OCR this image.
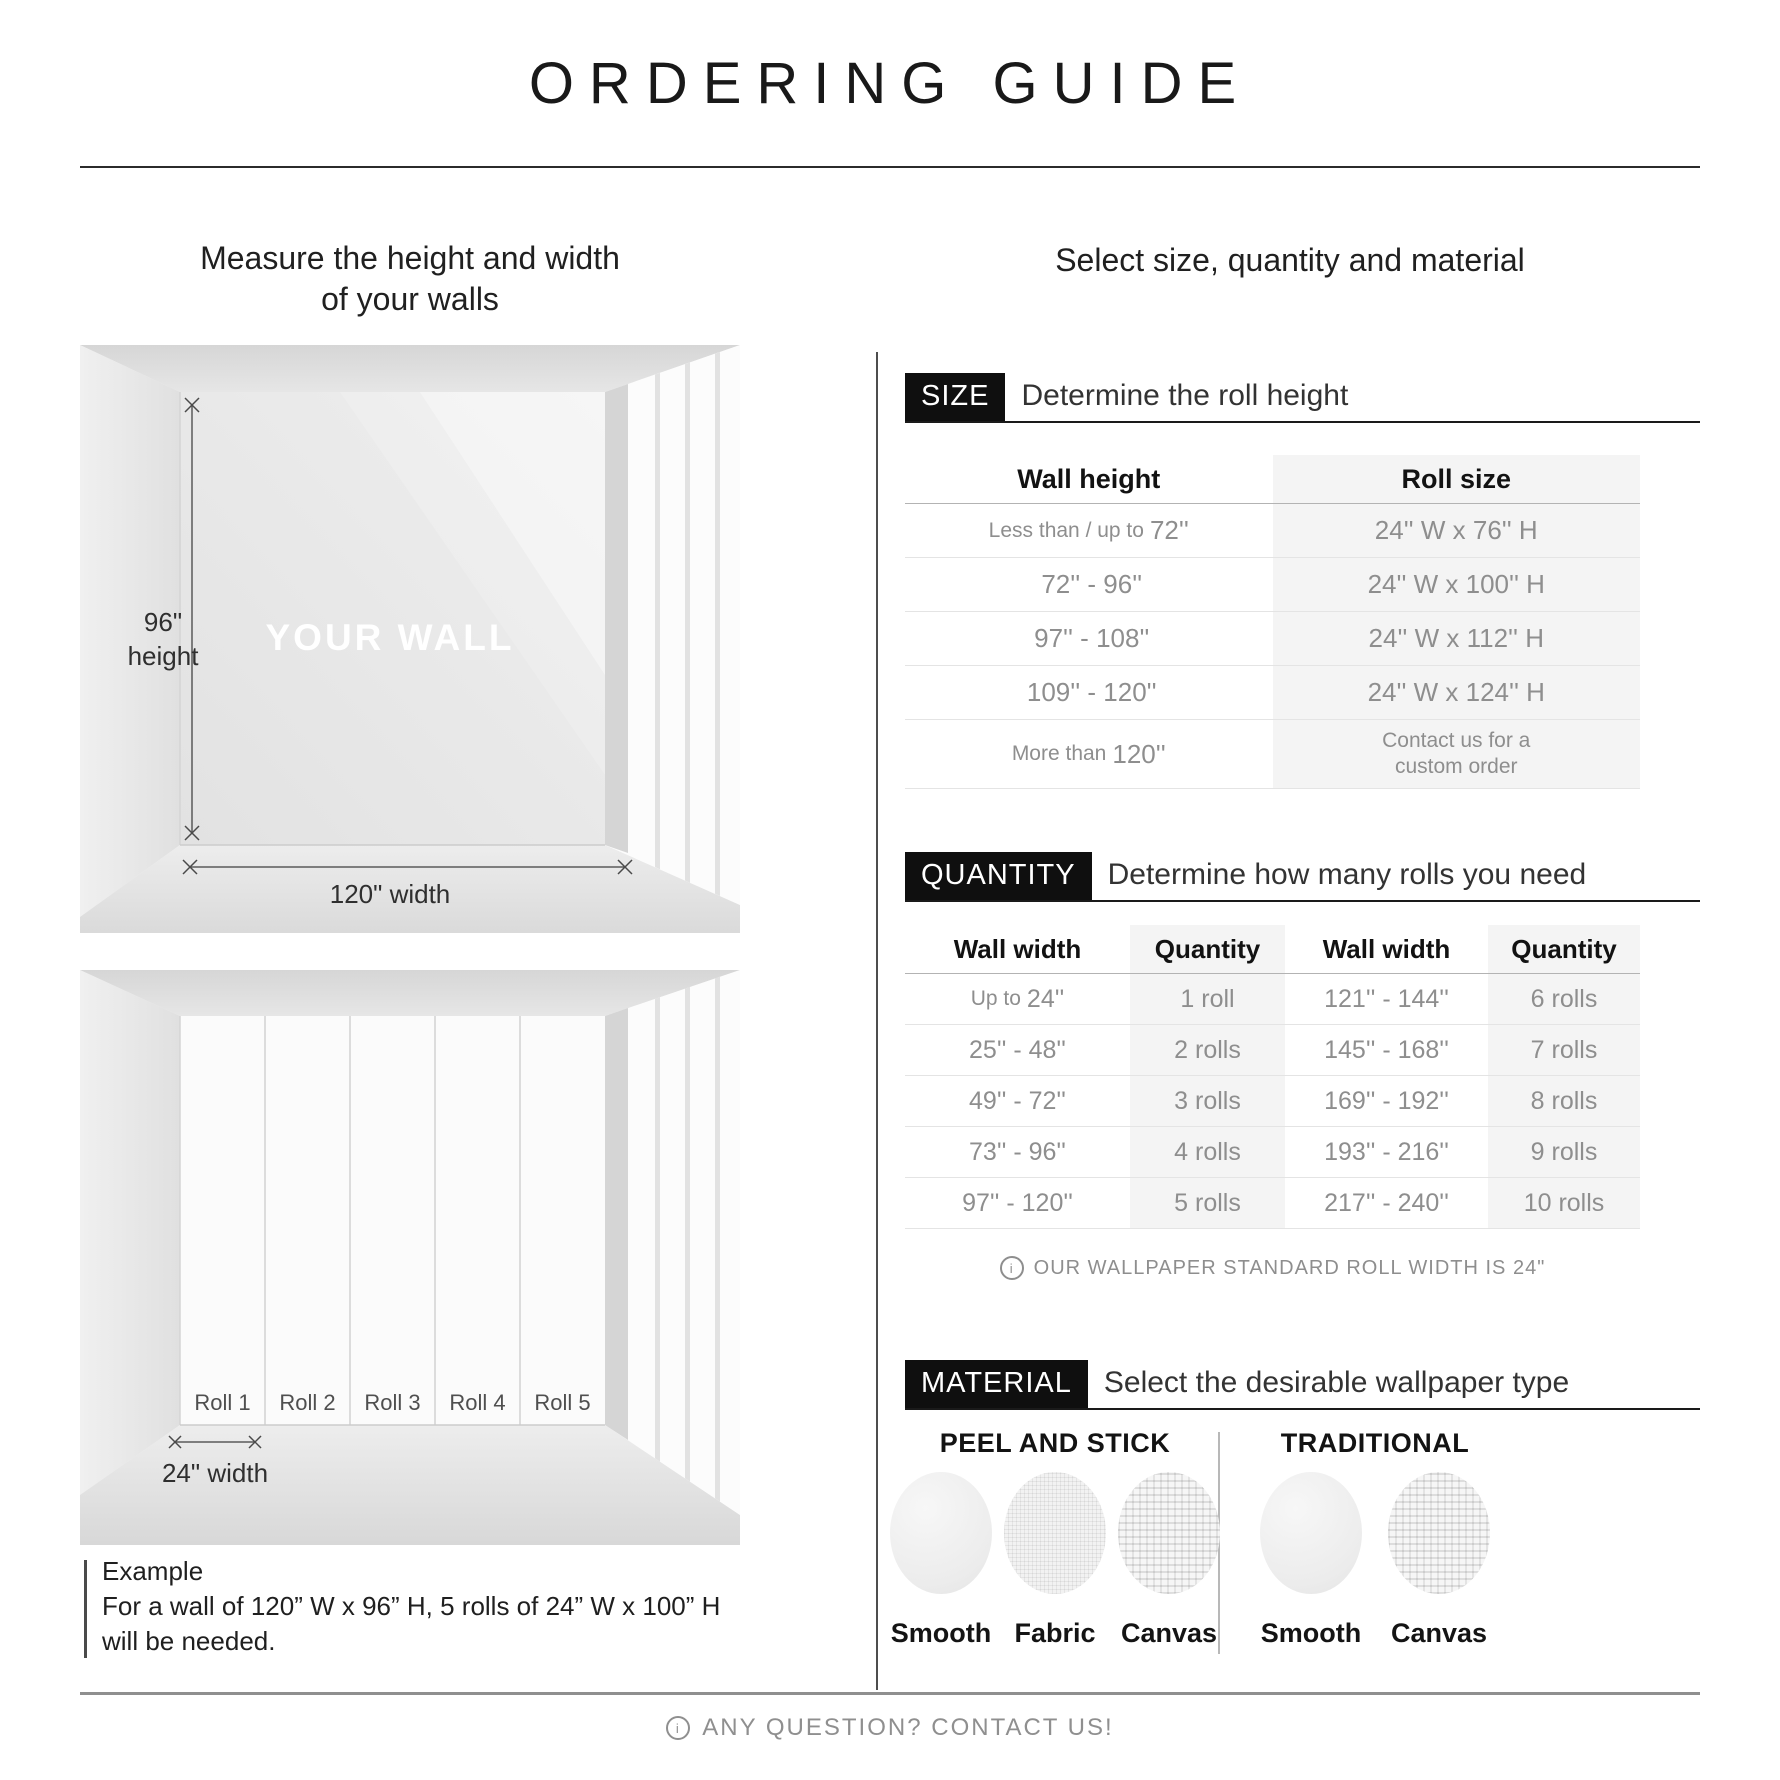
ORDERING GUIDE
Measure the height and width
of your walls
Select size, quantity and material
YOUR WALL
96"
height
120" width
Roll 1	Roll 2	Roll 3	Roll 4	Roll 5
24" width
Example
For a wall of 120” W x 96” H, 5 rolls of 24” W x 100” H
will be needed.
SIZE	Determine the roll height
Wall height	Roll size
Less than / up to 72''	24'' W x 76'' H
72'' - 96''	24'' W x 100'' H
97'' - 108''	24'' W x 112'' H
109'' - 120''	24'' W x 124'' H
More than 120''	Contact us for a custom order
QUANTITY	Determine how many rolls you need
Wall width	Quantity	Wall width	Quantity
Up to 24''	1 roll	121'' - 144''	6 rolls
25'' - 48''	2 rolls	145'' - 168''	7 rolls
49'' - 72''	3 rolls	169'' - 192''	8 rolls
73'' - 96''	4 rolls	193'' - 216''	9 rolls
97'' - 120''	5 rolls	217'' - 240''	10 rolls
i	OUR WALLPAPER STANDARD ROLL WIDTH IS 24"
MATERIAL	Select the desirable wallpaper type
PEEL AND STICK	TRADITIONAL
Smooth Fabric Canvas Smooth Canvas
i ANY QUESTION? CONTACT US!
